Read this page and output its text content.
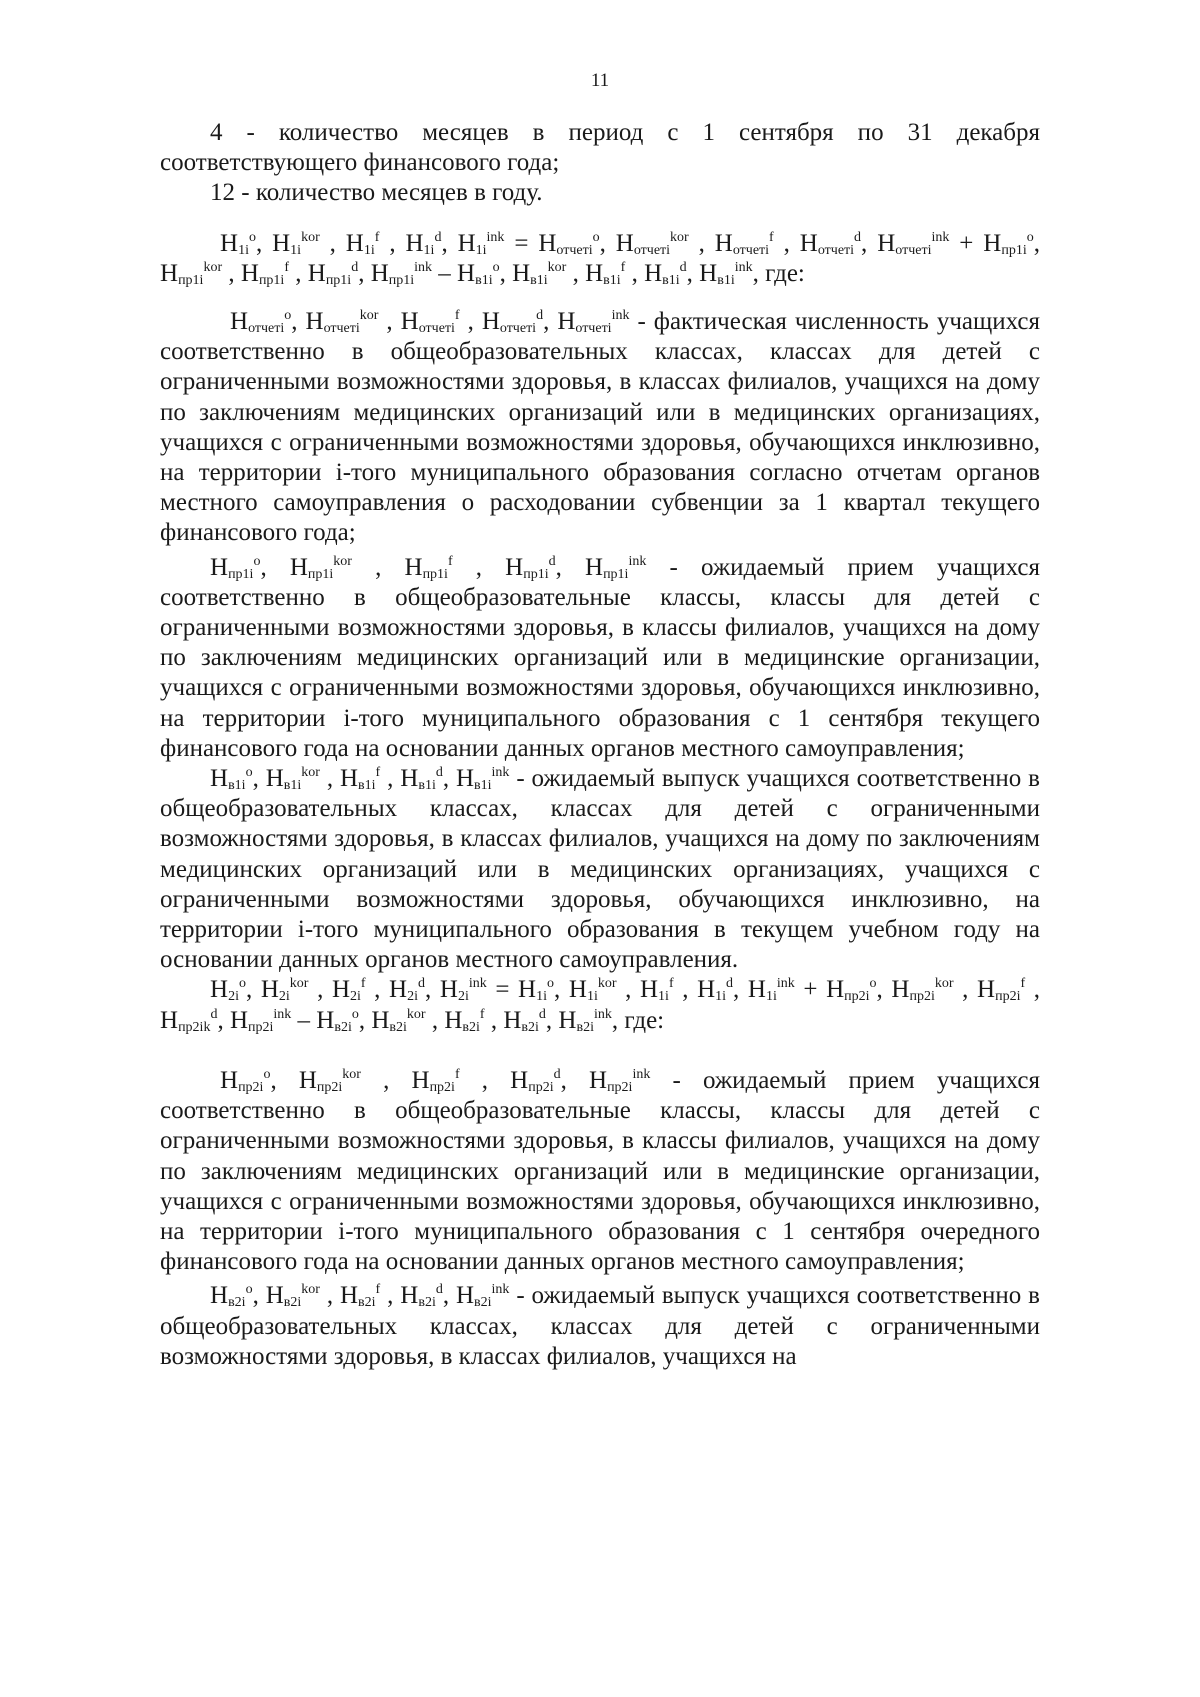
11

4 - количество месяцев в период с 1 сентября по 31 декабря соответствующего финансового года;

12 - количество месяцев в году.

$H_{1i}^o$, $H_{1i}^{kor}$ , $H_{1i}^f$ , $H_{1i}^d$, $H_{1i}^{ink} = H_{отчетi}^o$, $H_{отчетi}^{kor}$ , $H_{отчетi}^f$ , $H_{отчетi}^d$, $H_{отчетi}^{ink} + H_{пр1i}^o$, $H_{пр1i}^{kor}$ , $H_{пр1i}^f$ , $H_{пр1i}^d$, $H_{пр1i}^{ink} - H_{в1i}^o$, $H_{в1i}^{kor}$ , $H_{в1i}^f$ , $H_{в1i}^d$, $H_{в1i}^{ink}$, где:

$H_{отчетi}^o$, $H_{отчетi}^{kor}$ , $H_{отчетi}^f$ , $H_{отчетi}^d$, $H_{отчетi}^{ink}$ - фактическая численность учащихся соответственно в общеобразовательных классах, классах для детей с ограниченными возможностями здоровья, в классах филиалов, учащихся на дому по заключениям медицинских организаций или в медицинских организациях, учащихся с ограниченными возможностями здоровья, обучающихся инклюзивно, на территории i-того муниципального образования согласно отчетам органов местного самоуправления о расходовании субвенции за 1 квартал текущего финансового года;

$H_{пр1i}^o$, $H_{пр1i}^{kor}$ , $H_{пр1i}^f$ , $H_{пр1i}^d$, $H_{пр1i}^{ink}$ - ожидаемый прием учащихся соответственно в общеобразовательные классы, классы для детей с ограниченными возможностями здоровья, в классы филиалов, учащихся на дому по заключениям медицинских организаций или в медицинские организации, учащихся с ограниченными возможностями здоровья, обучающихся инклюзивно, на территории i-того муниципального образования с 1 сентября текущего финансового года на основании данных органов местного самоуправления;

$H_{в1i}^o$, $H_{в1i}^{kor}$ , $H_{в1i}^f$ , $H_{в1i}^d$, $H_{в1i}^{ink}$ - ожидаемый выпуск учащихся соответственно в общеобразовательных классах, классах для детей с ограниченными возможностями здоровья, в классах филиалов, учащихся на дому по заключениям медицинских организаций или в медицинских организациях, учащихся с ограниченными возможностями здоровья, обучающихся инклюзивно, на территории i-того муниципального образования в текущем учебном году на основании данных органов местного самоуправления.

$H_{2i}^o$, $H_{2i}^{kor}$ , $H_{2i}^f$ , $H_{2i}^d$, $H_{2i}^{ink} = H_{1i}^o$, $H_{1i}^{kor}$ , $H_{1i}^f$ , $H_{1i}^d$, $H_{1i}^{ink} + H_{пр2i}^o$, $H_{пр2i}^{kor}$ , $H_{пр2i}^f$ , $H_{пр2ik}^d$, $H_{пр2i}^{ink} - H_{в2i}^o$, $H_{в2i}^{kor}$ , $H_{в2i}^f$ , $H_{в2i}^d$, $H_{в2i}^{ink}$, где:

$H_{пр2i}^o$, $H_{пр2i}^{kor}$ , $H_{пр2i}^f$ , $H_{пр2i}^d$, $H_{пр2i}^{ink}$ - ожидаемый прием учащихся соответственно в общеобразовательные классы, классы для детей с ограниченными возможностями здоровья, в классы филиалов, учащихся на дому по заключениям медицинских организаций или в медицинские организации, учащихся с ограниченными возможностями здоровья, обучающихся инклюзивно, на территории i-того муниципального образования с 1 сентября очередного финансового года на основании данных органов местного самоуправления;

$H_{в2i}^o$, $H_{в2i}^{kor}$ , $H_{в2i}^f$ , $H_{в2i}^d$, $H_{в2i}^{ink}$ - ожидаемый выпуск учащихся соответственно в общеобразовательных классах, классах для детей с ограниченными возможностями здоровья, в классах филиалов, учащихся на
